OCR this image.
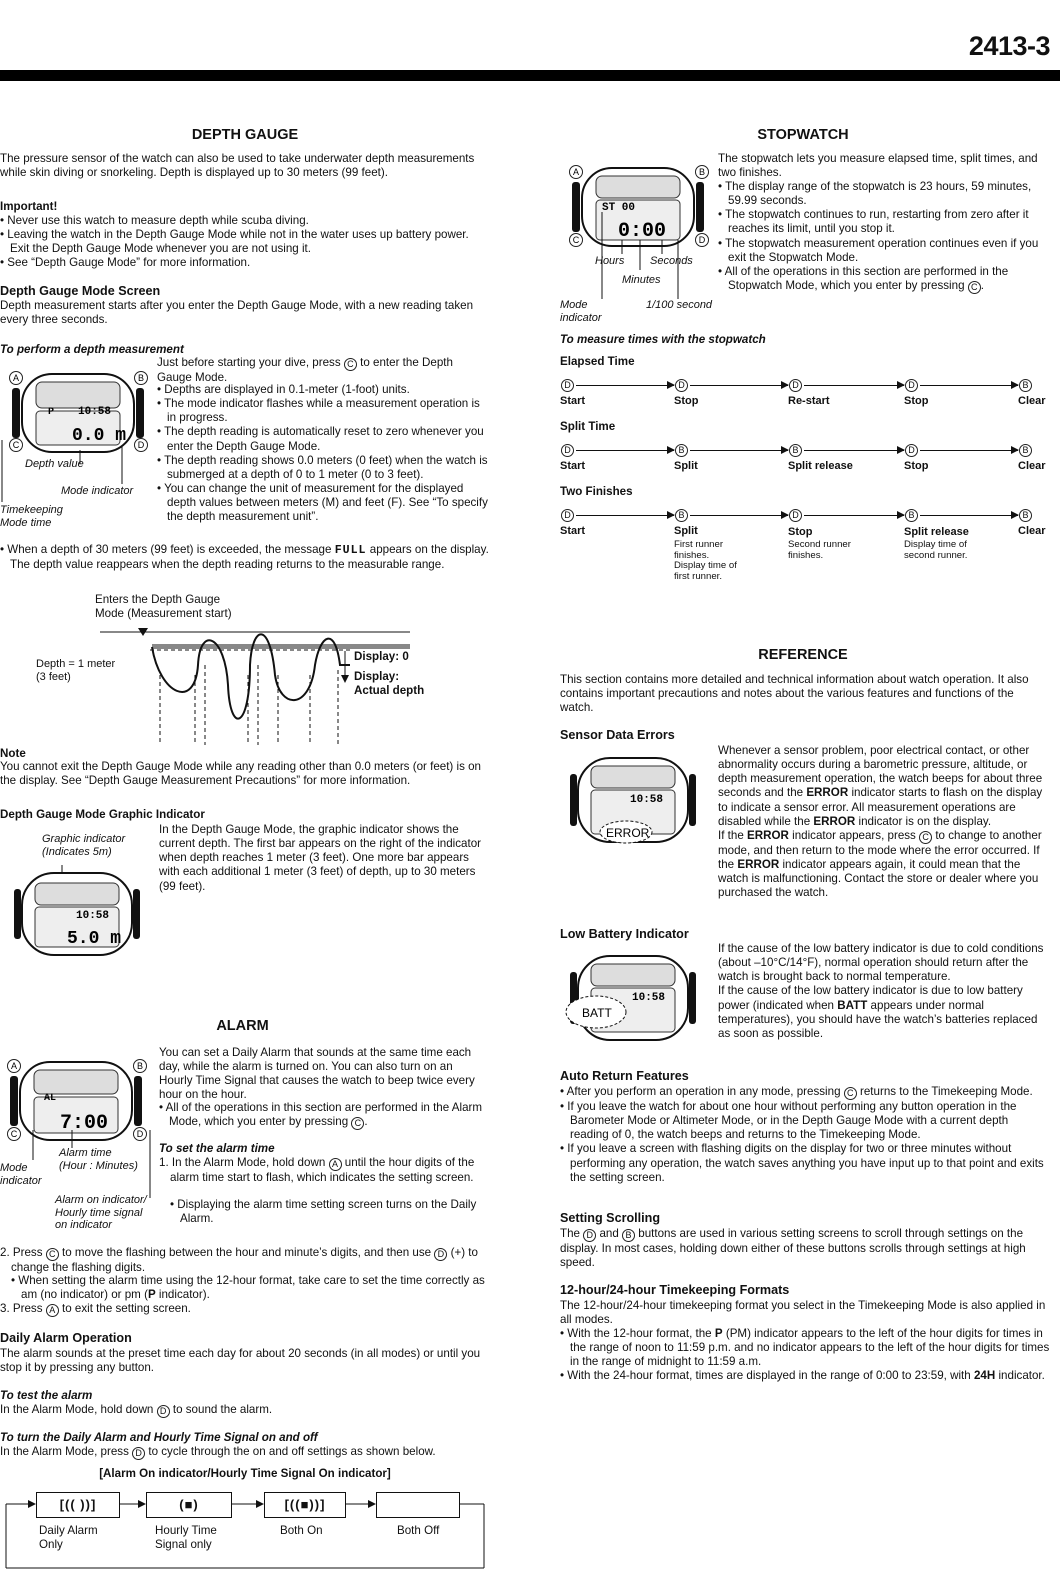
2413-3
DEPTH GAUGE
The pressure sensor of the watch can also be used to take underwater depth measurements while skin diving or snorkeling. Depth is displayed up to 30 meters (99 feet).
Important!
• Never use this watch to measure depth while scuba diving.
• Leaving the watch in the Depth Gauge Mode while not in the water uses up battery power. Exit the Depth Gauge Mode whenever you are not using it.
• See “Depth Gauge Mode” for more information.
Depth Gauge Mode Screen
Depth measurement starts after you enter the Depth Gauge Mode, with a new reading taken every three seconds.
To perform a depth measurement
A	B
C	D
P 10:58
0.0 m
Depth value
Mode indicator
Timekeeping
Mode time
Just before starting your dive, press C to enter the Depth Gauge Mode.
• Depths are displayed in 0.1-meter (1-foot) units.
• The mode indicator flashes while a measurement operation is in progress.
• The depth reading is automatically reset to zero whenever you enter the Depth Gauge Mode.
• The depth reading shows 0.0 meters (0 feet) when the watch is submerged at a depth of 0 to 1 meter (0 to 3 feet).
• You can change the unit of measurement for the displayed depth values between meters (M) and feet (F). See “To specify the depth measurement unit”.
• When a depth of 30 meters (99 feet) is exceeded, the message FULL appears on the display. The depth value reappears when the depth reading returns to the measurable range.
Enters the Depth Gauge
Mode (Measurement start)
Depth = 1 meter
(3 feet)
Display: 0
Display:
Actual depth
Note
You cannot exit the Depth Gauge Mode while any reading other than 0.0 meters (or feet) is on the display. See “Depth Gauge Measurement Precautions” for more information.
Depth Gauge Mode Graphic Indicator
Graphic indicator
(Indicates 5m)
In the Depth Gauge Mode, the graphic indicator shows the current depth. The first bar appears on the right of the indicator when depth reaches 1 meter (3 feet). One more bar appears with each additional 1 meter (3 feet) of depth, up to 30 meters (99 feet).
10:58
5.0 m
ALARM
A	B
C	D
AL
7:00
Mode
indicator
Alarm time
(Hour : Minutes)
Alarm on indicator/
Hourly time signal
on indicator
You can set a Daily Alarm that sounds at the same time each day, while the alarm is turned on. You can also turn on an Hourly Time Signal that causes the watch to beep twice every hour on the hour.
• All of the operations in this section are performed in the Alarm Mode, which you enter by pressing C .
To set the alarm time
1. In the Alarm Mode, hold down A until the hour digits of the alarm time start to flash, which indicates the setting screen.
• Displaying the alarm time setting screen turns on the Daily Alarm.
2. Press C to move the flashing between the hour and minute’s digits, and then use D (+) to change the flashing digits.
• When setting the alarm time using the 12-hour format, take care to set the time correctly as am (no indicator) or pm (P indicator).
3. Press A to exit the setting screen.
Daily Alarm Operation
The alarm sounds at the preset time each day for about 20 seconds (in all modes) or until you stop it by pressing any button.
To test the alarm
In the Alarm Mode, hold down D to sound the alarm.
To turn the Daily Alarm and Hourly Time Signal on and off
In the Alarm Mode, press D to cycle through the on and off settings as shown below.
[Alarm On indicator/Hourly Time Signal On indicator]
[(( ))]	(■)	[((■))]
Daily Alarm
Only
Hourly Time
Signal only
Both On	Both Off
STOPWATCH
A	B
C	D
ST 00
0:00
Hours Seconds
Minutes
Mode
indicator
1/100 second
The stopwatch lets you measure elapsed time, split times, and two finishes.
• The display range of the stopwatch is 23 hours, 59 minutes, 59.99 seconds.
• The stopwatch continues to run, restarting from zero after it reaches its limit, until you stop it.
• The stopwatch measurement operation continues even if you exit the Stopwatch Mode.
• All of the operations in this section are performed in the Stopwatch Mode, which you enter by pressing C .
To measure times with the stopwatch
Elapsed Time
D	D	D	D	B
Start	Stop	Re-start	Stop	Clear
Split Time
D	B	B	D	B
Start	Split	Split release	Stop	Clear
Two Finishes
D	B	D	B	B
Start	Split	Stop	Split release	Clear
First runner
finishes.
Display time of
first runner.
Second runner
finishes.
Display time of
second runner.
REFERENCE
This section contains more detailed and technical information about watch operation. It also contains important precautions and notes about the various features and functions of the watch.
Sensor Data Errors
10:58
ERROR
Whenever a sensor problem, poor electrical contact, or other abnormality occurs during a barometric pressure, altitude, or depth measurement operation, the watch beeps for about three seconds and the ERROR indicator starts to flash on the display to indicate a sensor error. All measurement operations are disabled while the ERROR indicator is on the display.
If the ERROR indicator appears, press C to change to another mode, and then return to the mode where the error occurred. If the ERROR indicator appears again, it could mean that the watch is malfunctioning. Contact the store or dealer where you purchased the watch.
Low Battery Indicator
10:58
BATT
If the cause of the low battery indicator is due to cold conditions (about –10°C/14°F), normal operation should return after the watch is brought back to normal temperature.
If the cause of the low battery indicator is due to low battery power (indicated when BATT appears under normal temperatures), you should have the watch’s batteries replaced as soon as possible.
Auto Return Features
• After you perform an operation in any mode, pressing C returns to the Timekeeping Mode.
• If you leave the watch for about one hour without performing any button operation in the Barometer Mode or Altimeter Mode, or in the Depth Gauge Mode with a current depth reading of 0, the watch beeps and returns to the Timekeeping Mode.
• If you leave a screen with flashing digits on the display for two or three minutes without performing any operation, the watch saves anything you have input up to that point and exits the setting screen.
Setting Scrolling
The D and B buttons are used in various setting screens to scroll through settings on the display. In most cases, holding down either of these buttons scrolls through settings at high speed.
12-hour/24-hour Timekeeping Formats
The 12-hour/24-hour timekeeping format you select in the Timekeeping Mode is also applied in all modes.
• With the 12-hour format, the P (PM) indicator appears to the left of the hour digits for times in the range of noon to 11:59 p.m. and no indicator appears to the left of the hour digits for times in the range of midnight to 11:59 a.m.
• With the 24-hour format, times are displayed in the range of 0:00 to 23:59, with 24H indicator.
